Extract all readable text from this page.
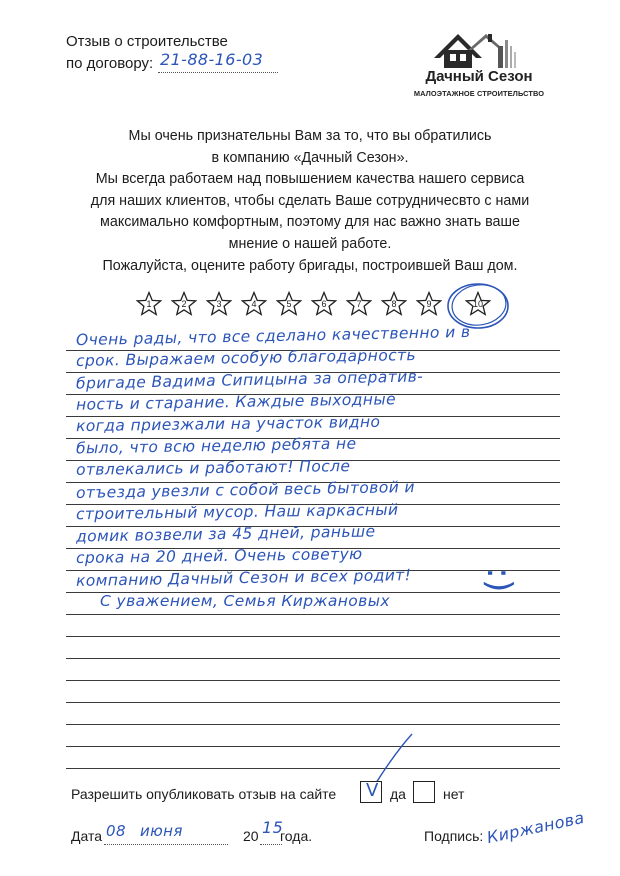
Отзыв о строительстве
по договору: 21-88-16-03
Дачный Сезон
МАЛОЭТАЖНОЕ СТРОИТЕЛЬСТВО
Мы очень признательны Вам за то, что вы обратились
в компанию «Дачный Сезон».
Мы всегда работаем над повышением качества нашего сервиса
для наших клиентов, чтобы сделать Ваше сотрудничесвто с нами
максимально комфортным, поэтому для нас важно знать ваше
мнение о нашей работе.
Пожалуйста, оцените работу бригады, построившей Ваш дом.
1	2	3	4	5	6	7	8	9	10
Очень рады, что все сделано качественно и в
срок. Выражаем особую благодарность
бригаде Вадима Сипицына за оператив-
ность и старание. Каждые выходные
когда приезжали на участок видно
было, что всю неделю ребята не
отвлекались и работают! После
отъезда увезли с собой весь бытовой и
строительный мусор. Наш каркасный
домик возвели за 45 дней, раньше
срока на 20 дней. Очень советую
компанию Дачный Сезон и всех родит!
С уважением, Семья Киржановых
:)
Разрешить опубликовать отзыв на сайте V да	нет
Дата 08 июня	20 15
года.	Подпись: Киржанова
